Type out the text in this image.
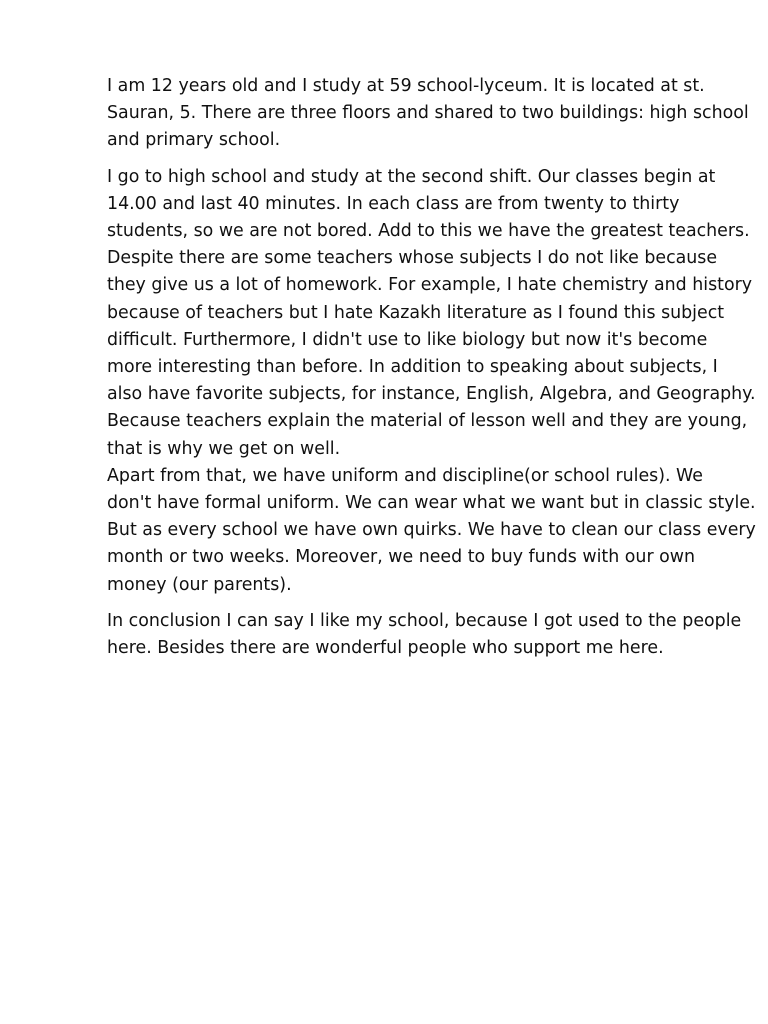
I am 12 years old and I study at 59 school-lyceum. It is located at st.
Sauran, 5. There are three floors and shared to two buildings: high school
and primary school.

I go to high school and study at the second shift. Our classes begin at
14.00 and last 40 minutes. In each class are from twenty to thirty
students, so we are not bored. Add to this we have the greatest teachers.
Despite there are some teachers whose subjects I do not like because
they give us a lot of homework. For example, I hate chemistry and history
because of teachers but I hate Kazakh literature as I found this subject
difficult. Furthermore, I didn't use to like biology but now it's become
more interesting than before. In addition to speaking about subjects, I
also have favorite subjects, for instance, English, Algebra, and Geography.
Because teachers explain the material of lesson well and they are young,
that is why we get on well.

Apart from that, we have uniform and discipline(or school rules). We
don't have formal uniform. We can wear what we want but in classic style.
But as every school we have own quirks. We have to clean our class every
month or two weeks. Moreover, we need to buy funds with our own
money (our parents).

In conclusion I can say I like my school, because I got used to the people
here. Besides there are wonderful people who support me here.
